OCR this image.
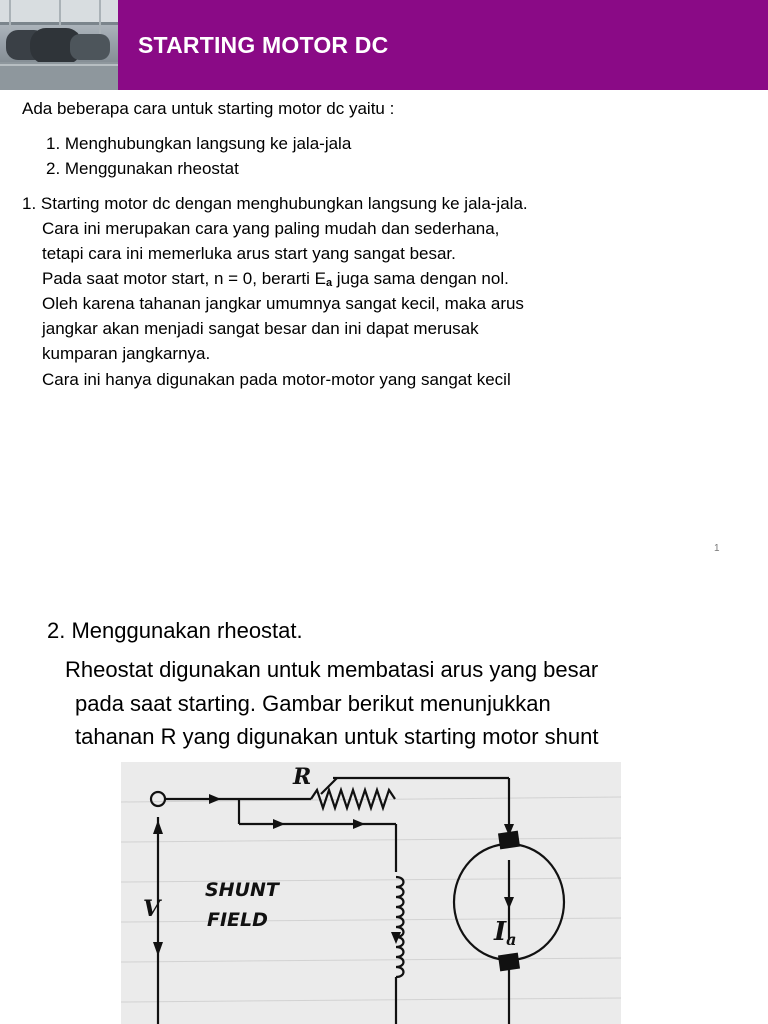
STARTING MOTOR DC
Ada beberapa cara untuk starting motor dc yaitu :
1. Menghubungkan langsung ke jala-jala
2. Menggunakan rheostat
1. Starting motor dc dengan menghubungkan langsung ke jala-jala.
Cara ini merupakan cara yang paling mudah dan sederhana,
tetapi cara ini memerluka arus start yang sangat besar.
Pada saat motor start, n = 0, berarti $E_a$ juga sama dengan nol.
Oleh karena tahanan jangkar umumnya sangat kecil, maka arus
jangkar akan menjadi sangat besar dan ini dapat merusak
kumparan jangkarnya.
Cara ini hanya digunakan pada motor-motor yang sangat kecil
1
2. Menggunakan rheostat.
Rheostat digunakan untuk membatasi arus yang besar
pada saat starting. Gambar berikut menunjukkan
tahanan R yang digunakan untuk starting motor shunt
R
V
SHUNT
FIELD	Ia
